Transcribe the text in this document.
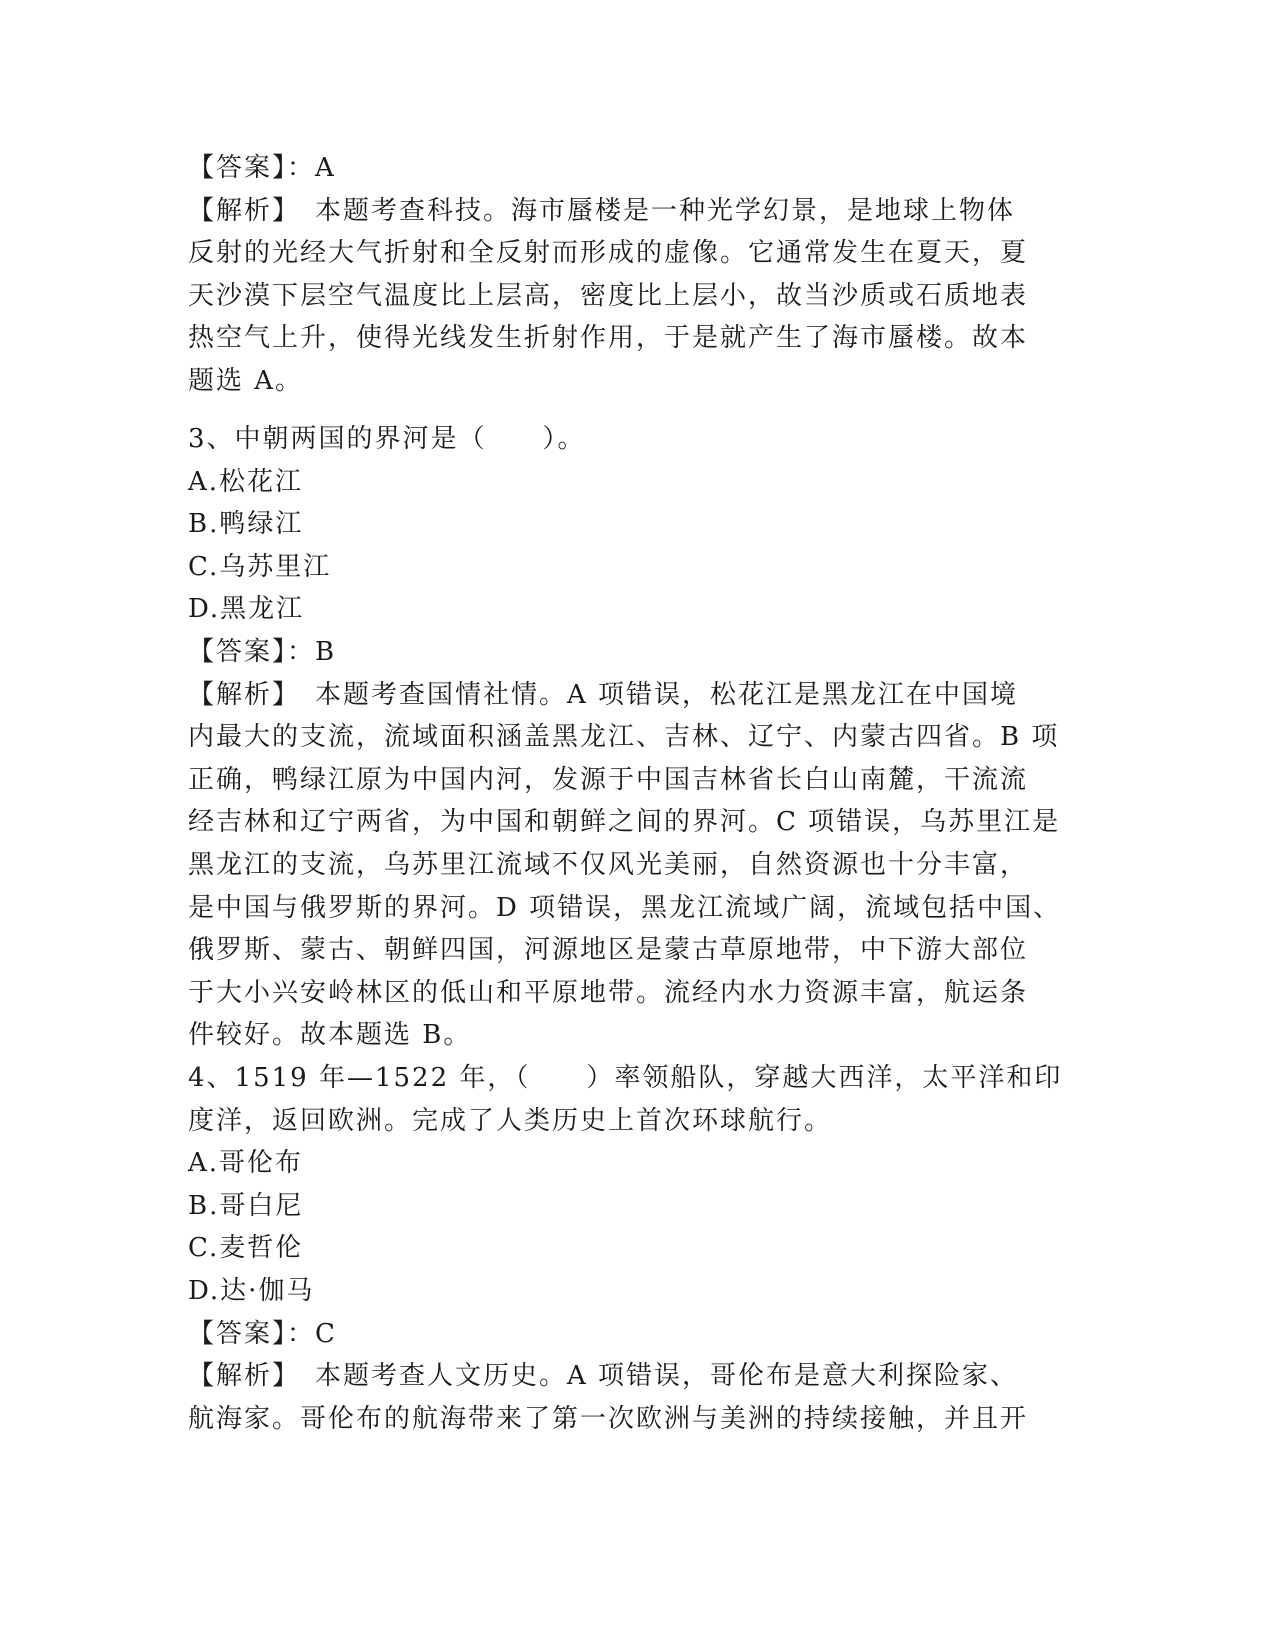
【答案】：A
【解析】　本题考查科技。海市蜃楼是一种光学幻景，是地球上物体
反射的光经大气折射和全反射而形成的虚像。它通常发生在夏天，夏
天沙漠下层空气温度比上层高，密度比上层小，故当沙质或石质地表
热空气上升，使得光线发生折射作用，于是就产生了海市蜃楼。故本
题选 A。
3、中朝两国的界河是（　　）。
A.松花江
B.鸭绿江
C.乌苏里江
D.黑龙江
【答案】：B
【解析】　本题考查国情社情。A 项错误，松花江是黑龙江在中国境
内最大的支流，流域面积涵盖黑龙江、吉林、辽宁、内蒙古四省。B 项
正确，鸭绿江原为中国内河，发源于中国吉林省长白山南麓，干流流
经吉林和辽宁两省，为中国和朝鲜之间的界河。C 项错误，乌苏里江是
黑龙江的支流，乌苏里江流域不仅风光美丽，自然资源也十分丰富，
是中国与俄罗斯的界河。D 项错误，黑龙江流域广阔，流域包括中国、
俄罗斯、蒙古、朝鲜四国，河源地区是蒙古草原地带，中下游大部位
于大小兴安岭林区的低山和平原地带。流经内水力资源丰富，航运条
件较好。故本题选 B。
4、1519 年—1522 年，（　　）率领船队，穿越大西洋，太平洋和印
度洋，返回欧洲。完成了人类历史上首次环球航行。
A.哥伦布
B.哥白尼
C.麦哲伦
D.达·伽马
【答案】：C
【解析】　本题考查人文历史。A 项错误，哥伦布是意大利探险家、
航海家。哥伦布的航海带来了第一次欧洲与美洲的持续接触，并且开
